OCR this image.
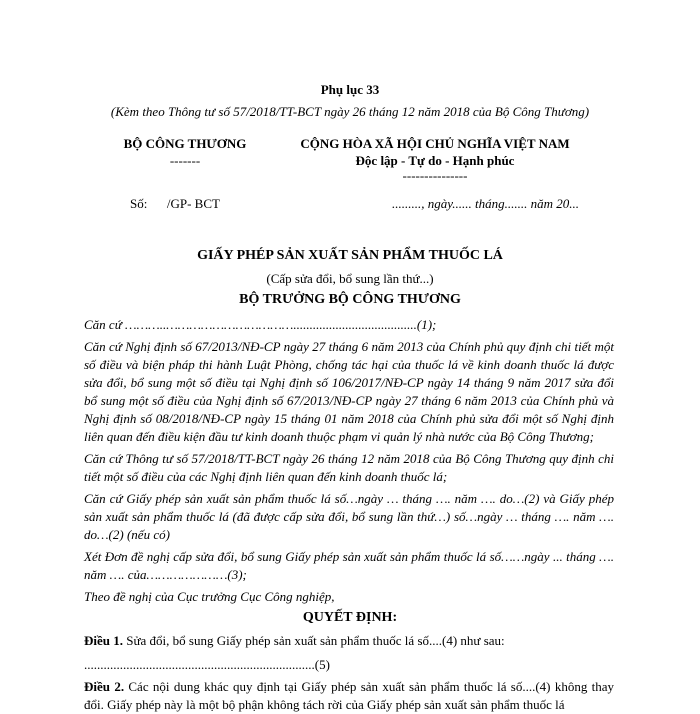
Phụ lục 33
(Kèm theo Thông tư số 57/2018/TT-BCT ngày 26 tháng 12 năm 2018 của Bộ Công Thương)
BỘ CÔNG THƯƠNG
-------
CỘNG HÒA XÃ HỘI CHỦ NGHĨA VIỆT NAM
Độc lập - Tự do - Hạnh phúc
---------------
Số:      /GP- BCT	........., ngày...... tháng....... năm 20...
GIẤY PHÉP SẢN XUẤT SẢN PHẨM THUỐC LÁ
(Cấp sửa đổi, bổ sung lần thứ...)
BỘ TRƯỞNG BỘ CÔNG THƯƠNG

Căn cứ ………..……………………………......................................(1);

Căn cứ Nghị định số 67/2013/NĐ-CP ngày 27 tháng 6 năm 2013 của Chính phủ quy định chi tiết một số điều và biện pháp thi hành Luật Phòng, chống tác hại của thuốc lá về kinh doanh thuốc lá được sửa đổi, bổ sung một số điều tại Nghị định số 106/2017/NĐ-CP ngày 14 tháng 9 năm 2017 sửa đổi bổ sung một số điều của Nghị định số 67/2013/NĐ-CP ngày 27 tháng 6 năm 2013 của Chính phủ và Nghị định số 08/2018/NĐ-CP ngày 15 tháng 01 năm 2018 của Chính phủ sửa đổi một số Nghị định liên quan đến điều kiện đầu tư kinh doanh thuộc phạm vi quản lý nhà nước của Bộ Công Thương;

Căn cứ Thông tư số 57/2018/TT-BCT ngày 26 tháng 12 năm 2018 của Bộ Công Thương quy định chi tiết một số điều của các Nghị định liên quan đến kinh doanh thuốc lá;

Căn cứ Giấy phép sản xuất sản phẩm thuốc lá số…ngày … tháng …. năm …. do…(2) và Giấy phép sản xuất sản phẩm thuốc lá (đã được cấp sửa đổi, bổ sung lần thứ…) số…ngày … tháng …. năm …. do…(2) (nếu có)

Xét Đơn đề nghị cấp sửa đổi, bổ sung Giấy phép sản xuất sản phẩm thuốc lá số……ngày ... tháng …. năm …. của…………………(3);

Theo đề nghị của Cục trưởng Cục Công nghiệp,

QUYẾT ĐỊNH:
Điều 1. Sửa đổi, bổ sung Giấy phép sản xuất sản phẩm thuốc lá số....(4) như sau:
.......................................................................(5)
Điều 2. Các nội dung khác quy định tại Giấy phép sản xuất sản phẩm thuốc lá số....(4) không thay đổi. Giấy phép này là một bộ phận không tách rời của Giấy phép sản xuất sản phẩm thuốc lá
